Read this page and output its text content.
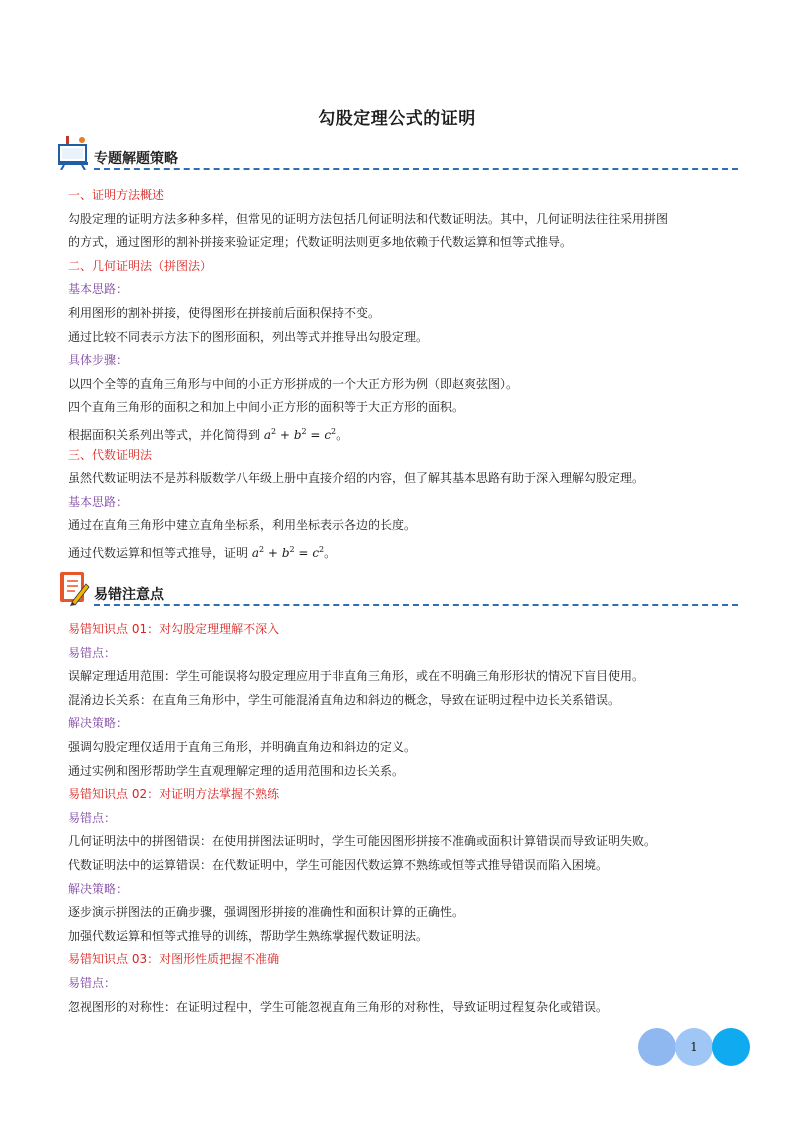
勾股定理公式的证明
专题解题策略
一、证明方法概述
勾股定理的证明方法多种多样，但常见的证明方法包括几何证明法和代数证明法。其中，几何证明法往往采用拼图
的方式，通过图形的割补拼接来验证定理；代数证明法则更多地依赖于代数运算和恒等式推导。
二、几何证明法（拼图法）
基本思路：
利用图形的割补拼接，使得图形在拼接前后面积保持不变。
通过比较不同表示方法下的图形面积，列出等式并推导出勾股定理。
具体步骤：
以四个全等的直角三角形与中间的小正方形拼成的一个大正方形为例（即赵爽弦图）。
四个直角三角形的面积之和加上中间小正方形的面积等于大正方形的面积。
根据面积关系列出等式，并化简得到 $a^2 + b^2 = c^2$。
三、代数证明法
虽然代数证明法不是苏科版数学八年级上册中直接介绍的内容，但了解其基本思路有助于深入理解勾股定理。
基本思路：
通过在直角三角形中建立直角坐标系，利用坐标表示各边的长度。
通过代数运算和恒等式推导，证明 $a^2 + b^2 = c^2$。
易错注意点
易错知识点 01：对勾股定理理解不深入
易错点：
误解定理适用范围：学生可能误将勾股定理应用于非直角三角形，或在不明确三角形形状的情况下盲目使用。
混淆边长关系：在直角三角形中，学生可能混淆直角边和斜边的概念，导致在证明过程中边长关系错误。
解决策略：
强调勾股定理仅适用于直角三角形，并明确直角边和斜边的定义。
通过实例和图形帮助学生直观理解定理的适用范围和边长关系。
易错知识点 02：对证明方法掌握不熟练
易错点：
几何证明法中的拼图错误：在使用拼图法证明时，学生可能因图形拼接不准确或面积计算错误而导致证明失败。
代数证明法中的运算错误：在代数证明中，学生可能因代数运算不熟练或恒等式推导错误而陷入困境。
解决策略：
逐步演示拼图法的正确步骤，强调图形拼接的准确性和面积计算的正确性。
加强代数运算和恒等式推导的训练，帮助学生熟练掌握代数证明法。
易错知识点 03：对图形性质把握不准确
易错点：
忽视图形的对称性：在证明过程中，学生可能忽视直角三角形的对称性，导致证明过程复杂化或错误。
1
